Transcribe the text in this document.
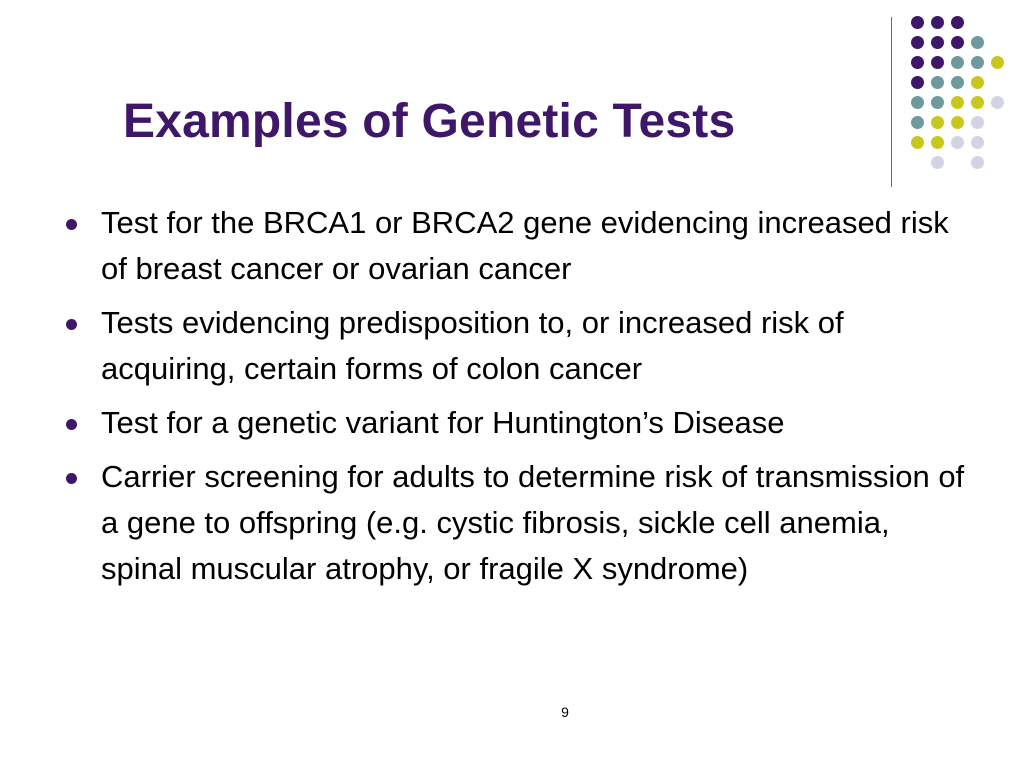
Examples of Genetic Tests
Test for the BRCA1 or BRCA2 gene evidencing increased risk of breast cancer or ovarian cancer
Tests evidencing predisposition to, or increased risk of acquiring, certain forms of colon cancer
Test for a genetic variant for Huntington’s Disease
Carrier screening for adults to determine risk of transmission of a gene to offspring (e.g. cystic fibrosis, sickle cell anemia, spinal muscular atrophy, or fragile X syndrome)
9
